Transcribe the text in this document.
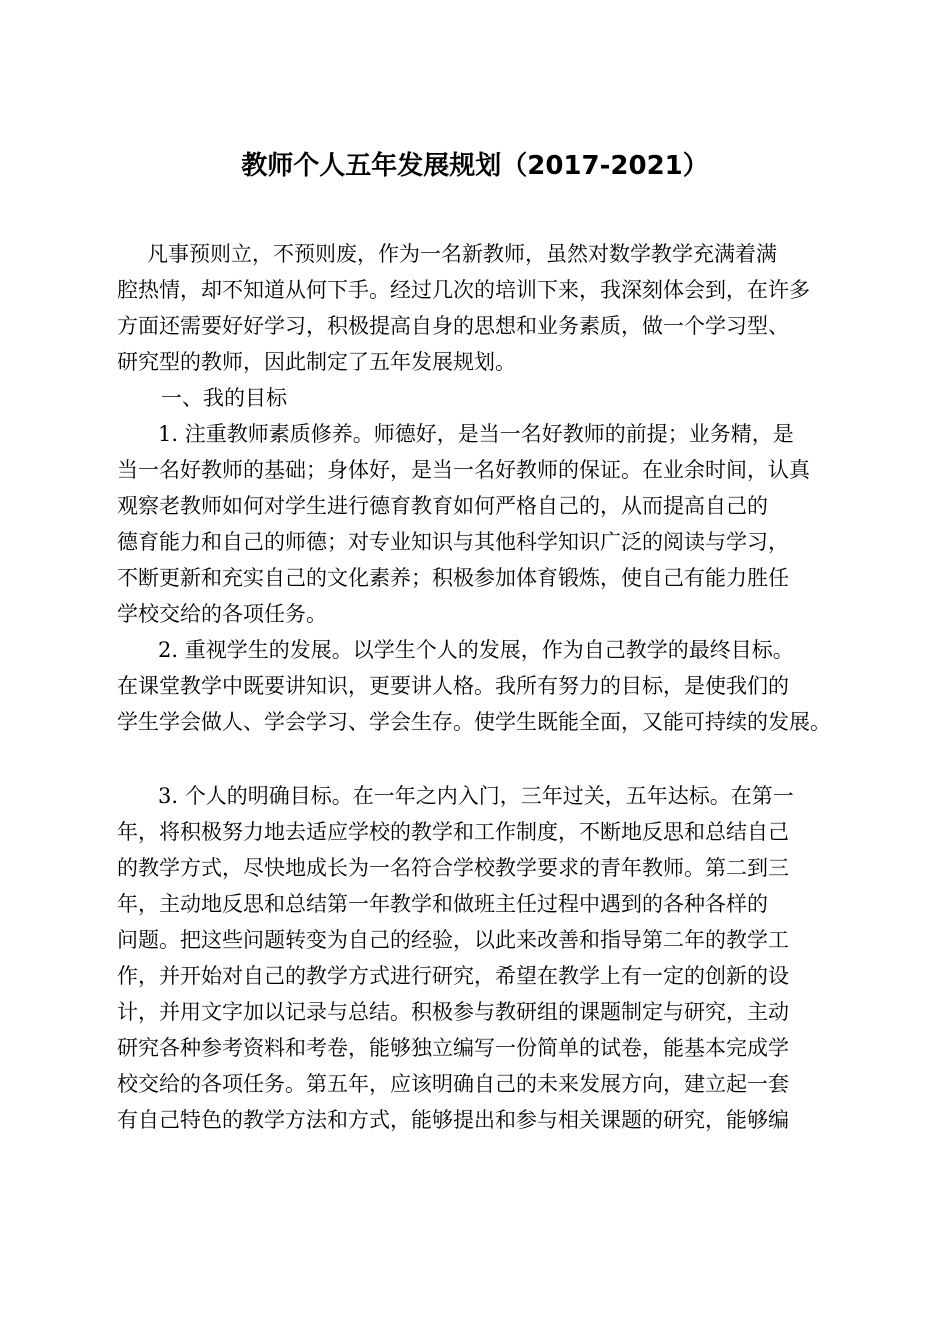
教师个人五年发展规划（2017-2021）
凡事预则立，不预则废，作为一名新教师，虽然对数学教学充满着满
腔热情，却不知道从何下手。经过几次的培训下来，我深刻体会到，在许多
方面还需要好好学习，积极提高自身的思想和业务素质，做一个学习型、
研究型的教师，因此制定了五年发展规划。
一、我的目标
1. 注重教师素质修养。师德好，是当一名好教师的前提；业务精，是
当一名好教师的基础；身体好，是当一名好教师的保证。在业余时间，认真
观察老教师如何对学生进行德育教育如何严格自己的，从而提高自己的
德育能力和自己的师德；对专业知识与其他科学知识广泛的阅读与学习，
不断更新和充实自己的文化素养；积极参加体育锻炼，使自己有能力胜任
学校交给的各项任务。
2. 重视学生的发展。以学生个人的发展，作为自己教学的最终目标。
在课堂教学中既要讲知识，更要讲人格。我所有努力的目标，是使我们的
学生学会做人、学会学习、学会生存。使学生既能全面，又能可持续的发展。
3. 个人的明确目标。在一年之内入门，三年过关，五年达标。在第一
年，将积极努力地去适应学校的教学和工作制度，不断地反思和总结自己
的教学方式，尽快地成长为一名符合学校教学要求的青年教师。第二到三
年，主动地反思和总结第一年教学和做班主任过程中遇到的各种各样的
问题。把这些问题转变为自己的经验，以此来改善和指导第二年的教学工
作，并开始对自己的教学方式进行研究，希望在教学上有一定的创新的设
计，并用文字加以记录与总结。积极参与教研组的课题制定与研究，主动
研究各种参考资料和考卷，能够独立编写一份简单的试卷，能基本完成学
校交给的各项任务。第五年，应该明确自己的未来发展方向，建立起一套
有自己特色的教学方法和方式，能够提出和参与相关课题的研究，能够编
